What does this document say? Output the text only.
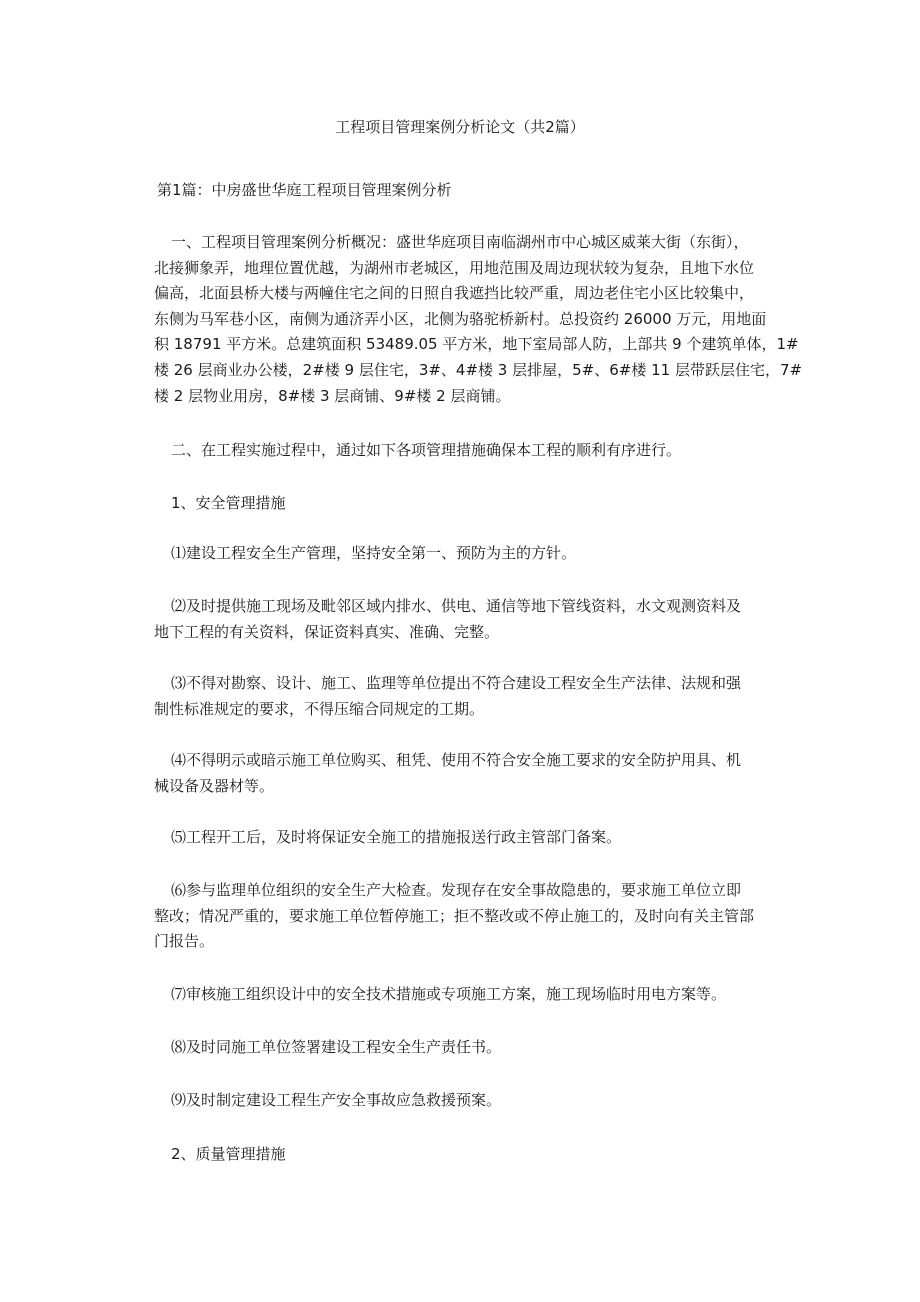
工程项目管理案例分析论文（共2篇）
第1篇：中房盛世华庭工程项目管理案例分析

一、工程项目管理案例分析概况：盛世华庭项目南临湖州市中心城区威莱大街（东街），
北接狮象弄，地理位置优越，为湖州市老城区，用地范围及周边现状较为复杂，且地下水位
偏高，北面县桥大楼与两幢住宅之间的日照自我遮挡比较严重，周边老住宅小区比较集中，
东侧为马军巷小区，南侧为通济弄小区，北侧为骆驼桥新村。总投资约 26000 万元，用地面
积 18791 平方米。总建筑面积 53489.05 平方米，地下室局部人防，上部共 9 个建筑单体，1#
楼 26 层商业办公楼，2#楼 9 层住宅，3#、4#楼 3 层排屋，5#、6#楼 11 层带跃层住宅，7#
楼 2 层物业用房，8#楼 3 层商铺、9#楼 2 层商铺。

二、在工程实施过程中，通过如下各项管理措施确保本工程的顺利有序进行。

1、安全管理措施

⑴建设工程安全生产管理，坚持安全第一、预防为主的方针。

⑵及时提供施工现场及毗邻区域内排水、供电、通信等地下管线资料，水文观测资料及
地下工程的有关资料，保证资料真实、准确、完整。

⑶不得对勘察、设计、施工、监理等单位提出不符合建设工程安全生产法律、法规和强
制性标准规定的要求，不得压缩合同规定的工期。

⑷不得明示或暗示施工单位购买、租凭、使用不符合安全施工要求的安全防护用具、机
械设备及器材等。

⑸工程开工后，及时将保证安全施工的措施报送行政主管部门备案。

⑹参与监理单位组织的安全生产大检查。发现存在安全事故隐患的，要求施工单位立即
整改；情况严重的，要求施工单位暂停施工；拒不整改或不停止施工的，及时向有关主管部
门报告。

⑺审核施工组织设计中的安全技术措施或专项施工方案，施工现场临时用电方案等。

⑻及时同施工单位签署建设工程安全生产责任书。

⑼及时制定建设工程生产安全事故应急救援预案。

2、质量管理措施
